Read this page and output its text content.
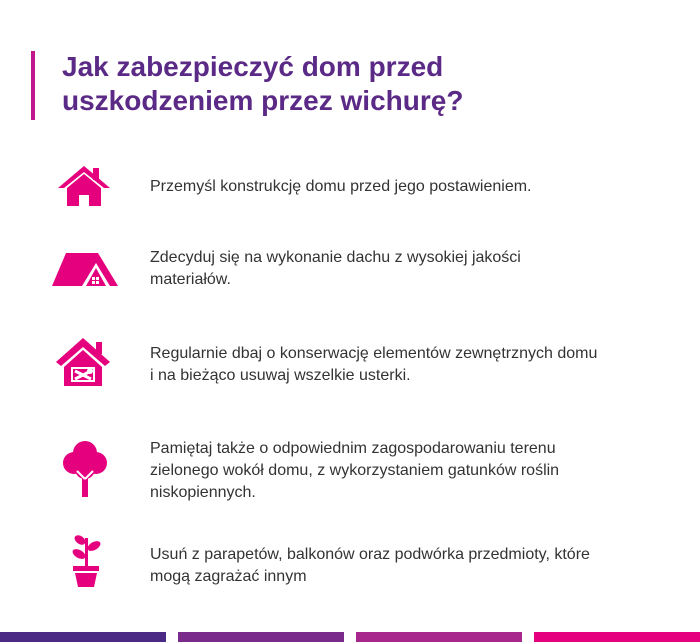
Jak zabezpieczyć dom przed
uszkodzeniem przez wichurę?
Przemyśl konstrukcję domu przed jego postawieniem.
Zdecyduj się na wykonanie dachu z wysokiej jakości
materiałów.
Regularnie dbaj o konserwację elementów zewnętrznych domu
i na bieżąco usuwaj wszelkie usterki.
Pamiętaj także o odpowiednim zagospodarowaniu terenu
zielonego wokół domu, z wykorzystaniem gatunków roślin
niskopiennych.
Usuń z parapetów, balkonów oraz podwórka przedmioty, które
mogą zagrażać innym
